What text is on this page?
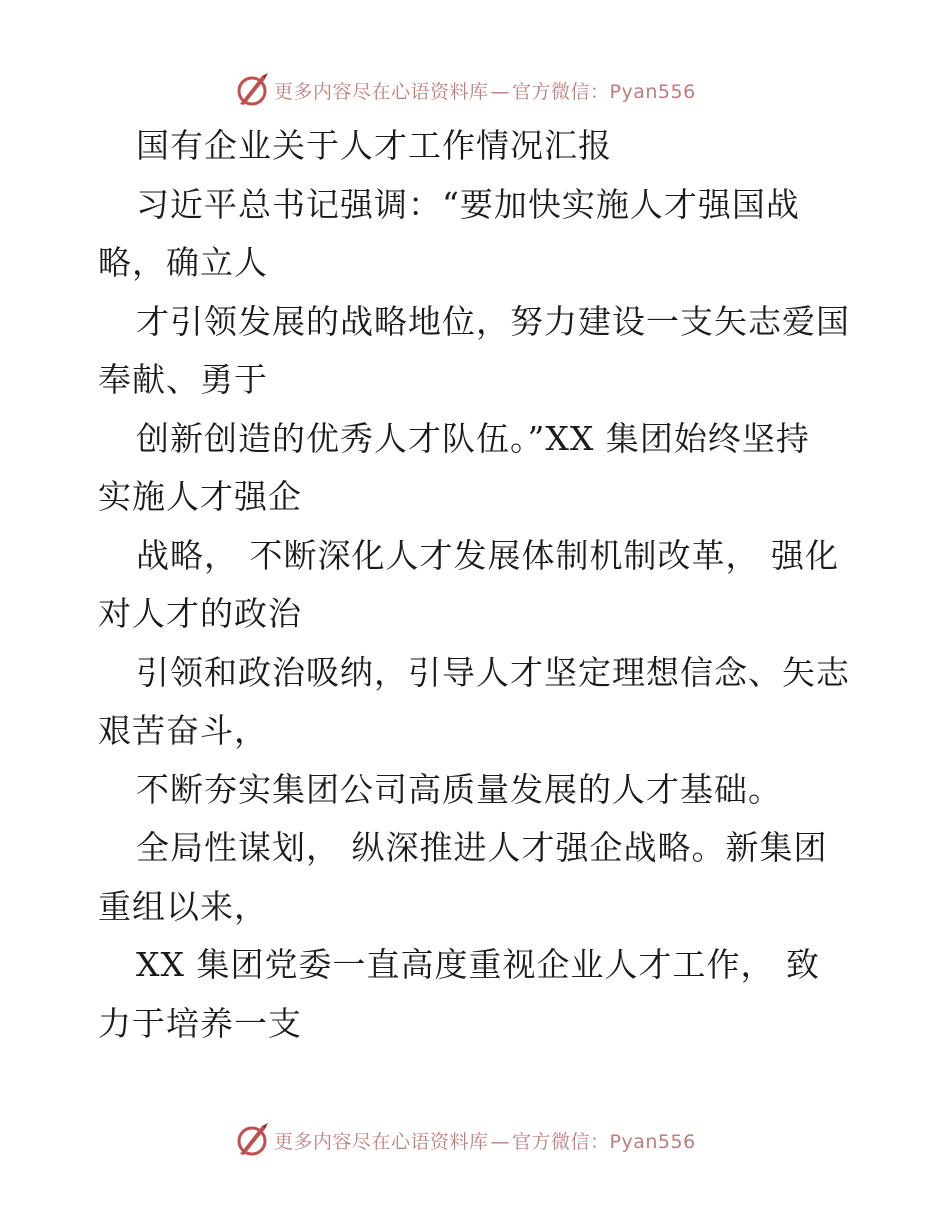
更多内容尽在心语资料库 — 官方微信：Pyan556
国有企业关于人才工作情况汇报
习近平总书记强调：“要加快实施人才强国战
略，确立人
才引领发展的战略地位，努力建设一支矢志爱国
奉献、勇于
创新创造的优秀人才队伍。”XX 集团始终坚持
实施人才强企
战略， 不断深化人才发展体制机制改革， 强化
对人才的政治
引领和政治吸纳，引导人才坚定理想信念、矢志
艰苦奋斗，
不断夯实集团公司高质量发展的人才基础。
全局性谋划， 纵深推进人才强企战略。新集团
重组以来，
XX 集团党委一直高度重视企业人才工作， 致
力于培养一支
更多内容尽在心语资料库 — 官方微信：Pyan556
